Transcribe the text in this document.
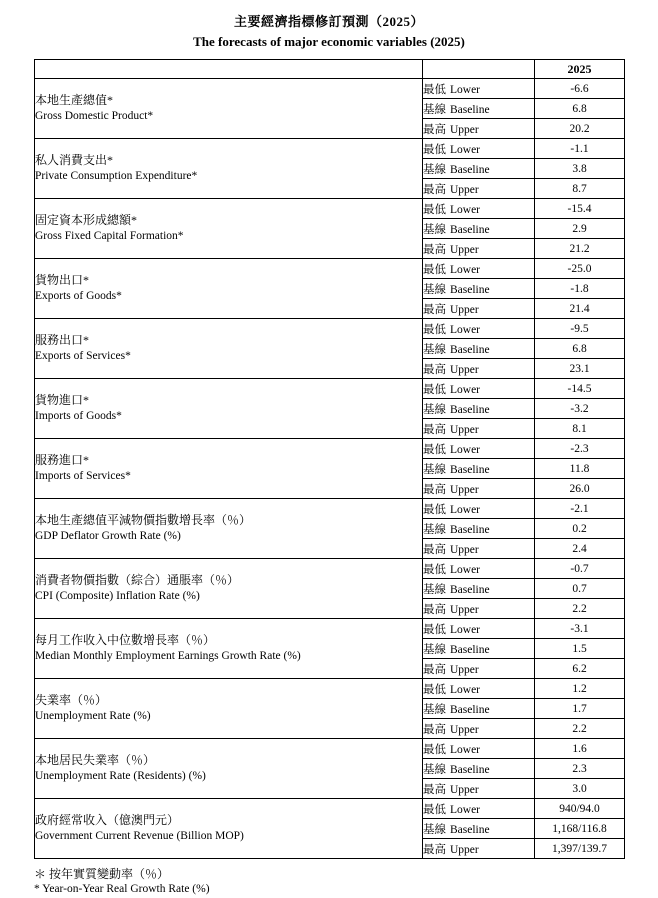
主要經濟指標修訂預測（2025）
The forecasts of major economic variables (2025)
		2025

本地生產總值*
Gross Domestic Product*	最低 Lower	-6.6
	基線 Baseline	6.8
	最高 Upper	20.2

私人消費支出*
Private Consumption Expenditure*	最低 Lower	-1.1
	基線 Baseline	3.8
	最高 Upper	8.7

固定資本形成總額*
Gross Fixed Capital Formation*	最低 Lower	-15.4
	基線 Baseline	2.9
	最高 Upper	21.2

貨物出口*
Exports of Goods*	最低 Lower	-25.0
	基線 Baseline	-1.8
	最高 Upper	21.4

服務出口*
Exports of Services*	最低 Lower	-9.5
	基線 Baseline	6.8
	最高 Upper	23.1

貨物進口*
Imports of Goods*	最低 Lower	-14.5
	基線 Baseline	-3.2
	最高 Upper	8.1

服務進口*
Imports of Services*	最低 Lower	-2.3
	基線 Baseline	11.8
	最高 Upper	26.0

本地生產總值平減物價指數增長率（％）
GDP Deflator Growth Rate (%)	最低 Lower	-2.1
	基線 Baseline	0.2
	最高 Upper	2.4

消費者物價指數（綜合）通脹率（％）
CPI (Composite) Inflation Rate (%)	最低 Lower	-0.7
	基線 Baseline	0.7
	最高 Upper	2.2

每月工作收入中位數增長率（％）
Median Monthly Employment Earnings Growth Rate (%)	最低 Lower	-3.1
	基線 Baseline	1.5
	最高 Upper	6.2

失業率（％）
Unemployment Rate (%)	最低 Lower	1.2
	基線 Baseline	1.7
	最高 Upper	2.2

本地居民失業率（％）
Unemployment Rate (Residents) (%)	最低 Lower	1.6
	基線 Baseline	2.3
	最高 Upper	3.0

政府經常收入（億澳門元）
Government Current Revenue (Billion MOP)	最低 Lower	940/94.0
	基線 Baseline	1,168/116.8
	最高 Upper	1,397/139.7
＊ 按年實質變動率（％）
* Year-on-Year Real Growth Rate (%)
